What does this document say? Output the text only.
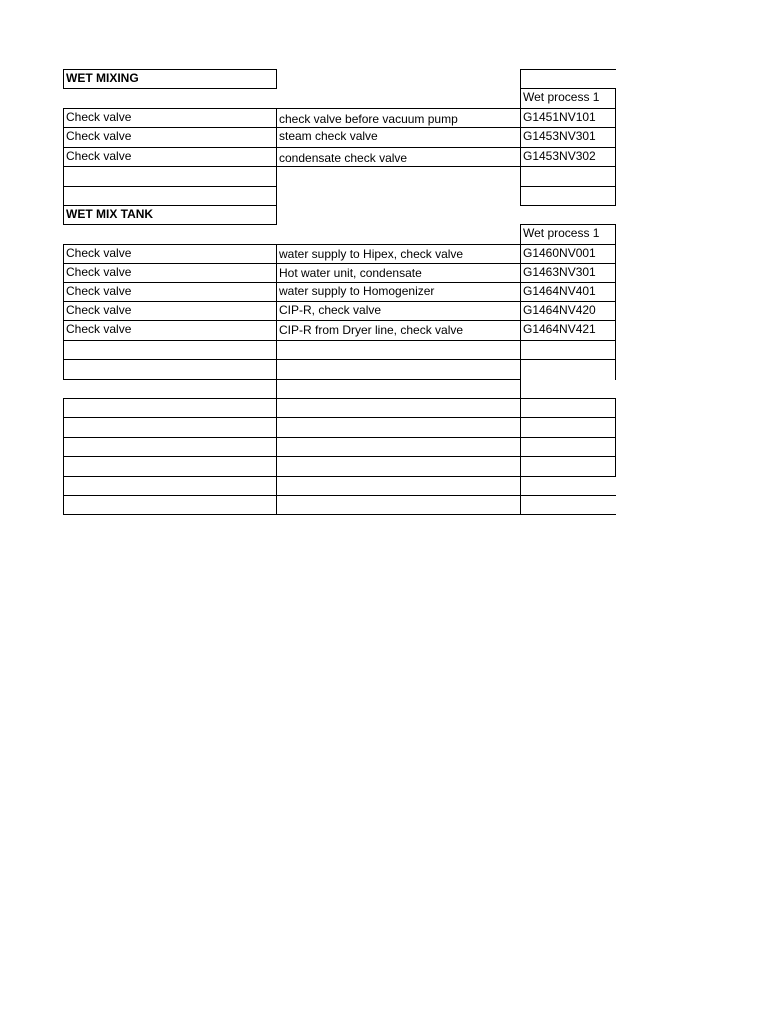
WET MIXING
Wet process 1
Check valve	check valve before vacuum pump	G1451NV101
Check valve	steam check valve	G1453NV301
Check valve	condensate check valve	G1453NV302
WET MIX TANK
Wet process 1
Check valve	water supply to Hipex, check valve	G1460NV001
Check valve	Hot water unit, condensate	G1463NV301
Check valve	water supply to Homogenizer	G1464NV401
Check valve	CIP-R, check valve	G1464NV420
Check valve	CIP-R from Dryer line, check valve	G1464NV421
